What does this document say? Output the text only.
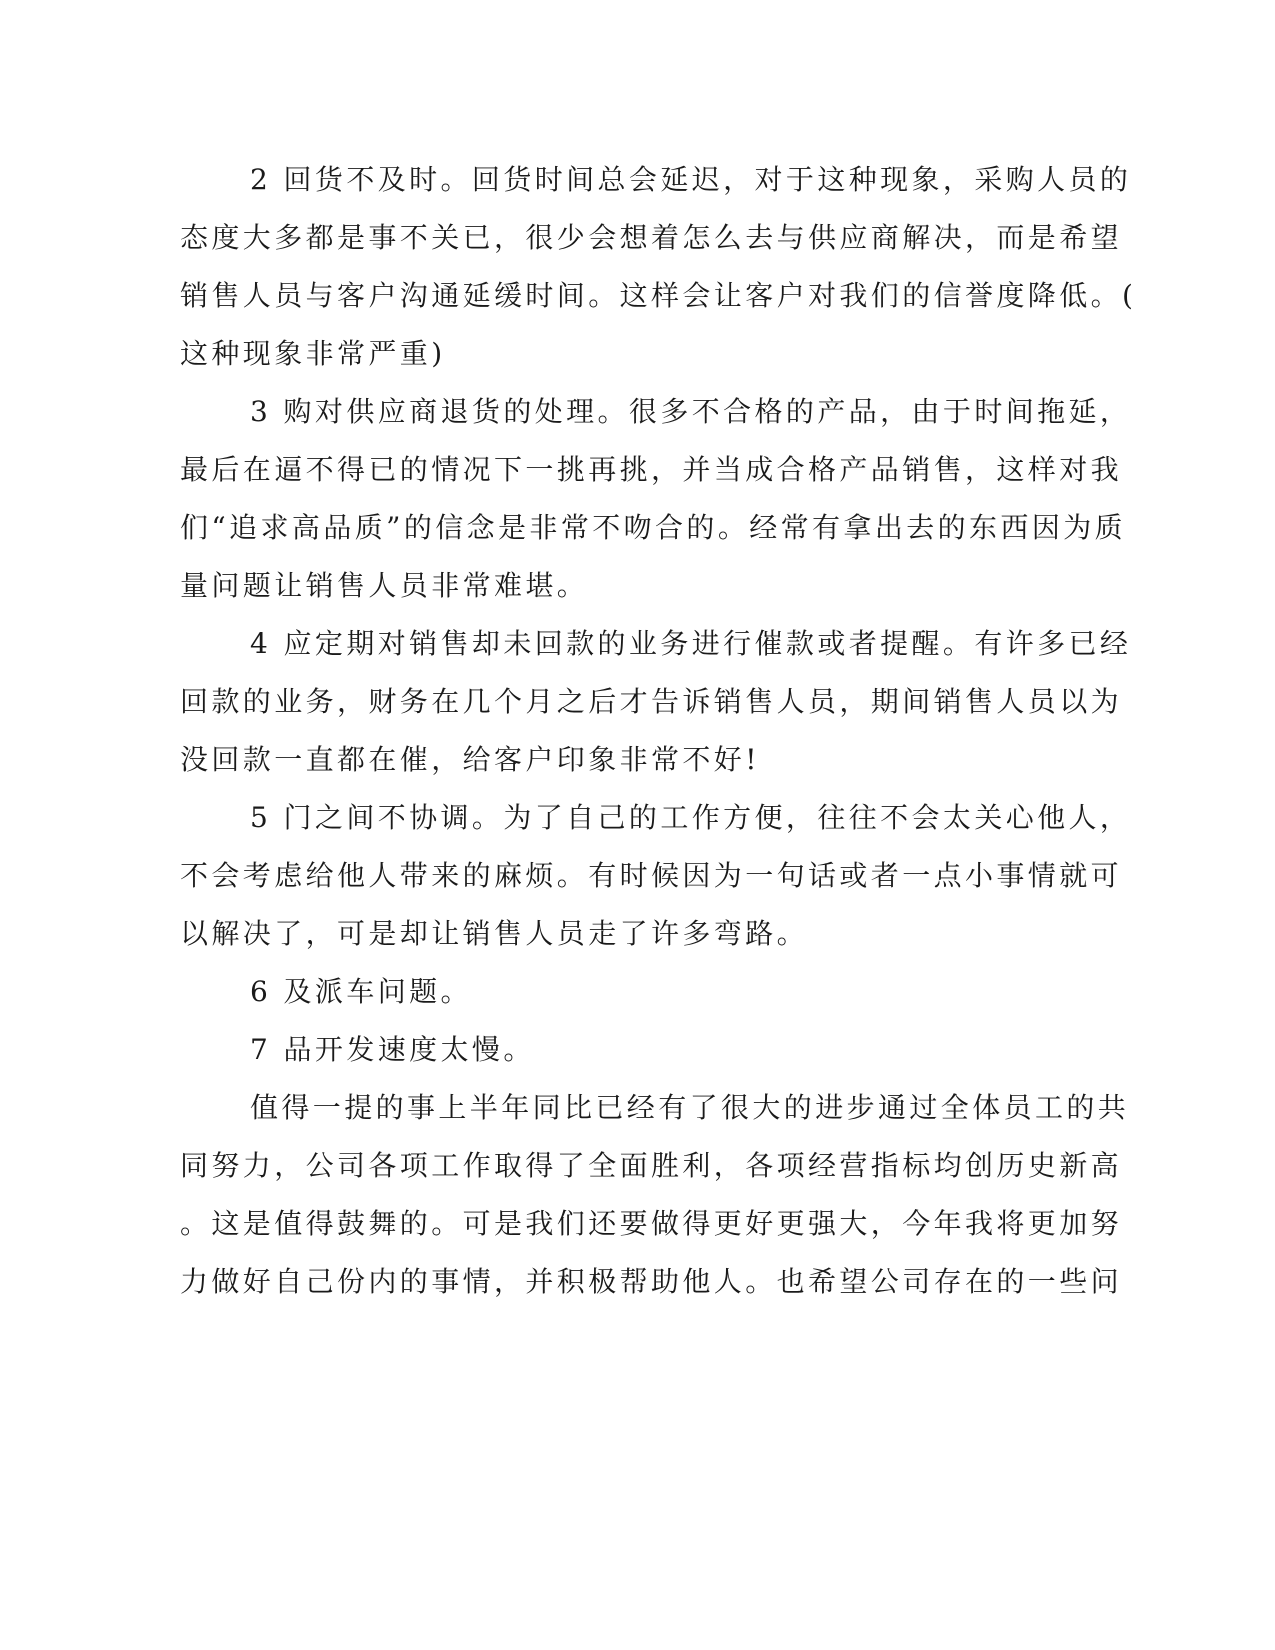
2 回货不及时。回货时间总会延迟，对于这种现象，采购人员的
态度大多都是事不关已，很少会想着怎么去与供应商解决，而是希望
销售人员与客户沟通延缓时间。这样会让客户对我们的信誉度降低。(
这种现象非常严重)
3 购对供应商退货的处理。很多不合格的产品，由于时间拖延，
最后在逼不得已的情况下一挑再挑，并当成合格产品销售，这样对我
们“追求高品质”的信念是非常不吻合的。经常有拿出去的东西因为质
量问题让销售人员非常难堪。
4 应定期对销售却未回款的业务进行催款或者提醒。有许多已经
回款的业务，财务在几个月之后才告诉销售人员，期间销售人员以为
没回款一直都在催，给客户印象非常不好!
5 门之间不协调。为了自己的工作方便，往往不会太关心他人，
不会考虑给他人带来的麻烦。有时候因为一句话或者一点小事情就可
以解决了，可是却让销售人员走了许多弯路。
6 及派车问题。
7 品开发速度太慢。
值得一提的事上半年同比已经有了很大的进步通过全体员工的共
同努力，公司各项工作取得了全面胜利，各项经营指标均创历史新高
。这是值得鼓舞的。可是我们还要做得更好更强大，今年我将更加努
力做好自己份内的事情，并积极帮助他人。也希望公司存在的一些问
